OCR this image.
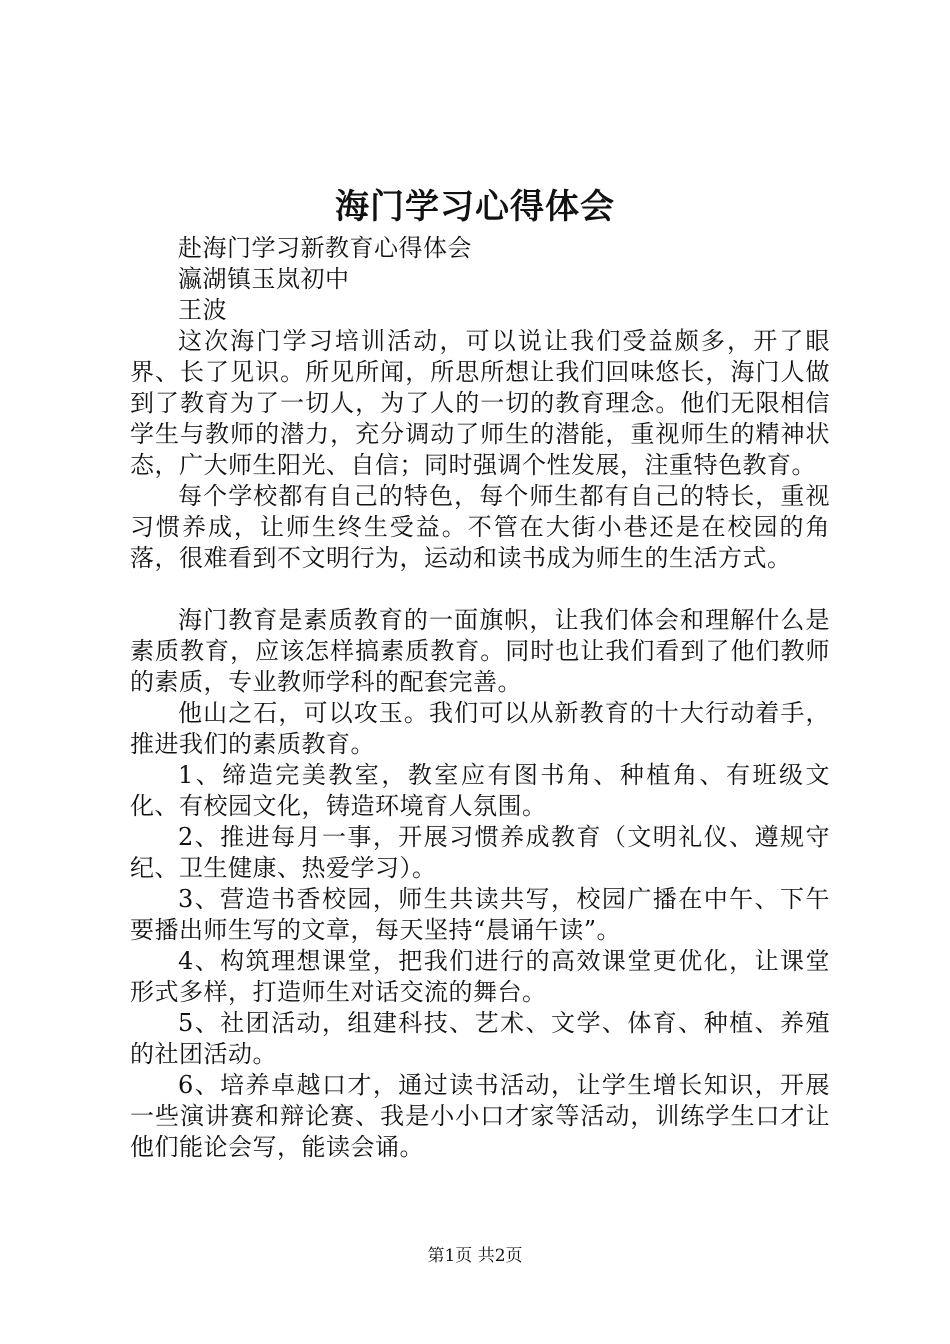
海门学习心得体会

赴海门学习新教育心得体会

瀛湖镇玉岚初中

王波

这次海门学习培训活动，可以说让我们受益颇多，开了眼界、长了见识。所见所闻，所思所想让我们回味悠长，海门人做到了教育为了一切人，为了人的一切的教育理念。他们无限相信学生与教师的潜力，充分调动了师生的潜能，重视师生的精神状态，广大师生阳光、自信；同时强调个性发展，注重特色教育。

每个学校都有自己的特色，每个师生都有自己的特长，重视习惯养成，让师生终生受益。不管在大街小巷还是在校园的角落，很难看到不文明行为，运动和读书成为师生的生活方式。

海门教育是素质教育的一面旗帜，让我们体会和理解什么是素质教育，应该怎样搞素质教育。同时也让我们看到了他们教师的素质，专业教师学科的配套完善。

他山之石，可以攻玉。我们可以从新教育的十大行动着手，推进我们的素质教育。

1、缔造完美教室，教室应有图书角、种植角、有班级文化、有校园文化，铸造环境育人氛围。

2、推进每月一事，开展习惯养成教育（文明礼仪、遵规守纪、卫生健康、热爱学习）。

3、营造书香校园，师生共读共写，校园广播在中午、下午要播出师生写的文章，每天坚持“晨诵午读”。

4、构筑理想课堂，把我们进行的高效课堂更优化，让课堂形式多样，打造师生对话交流的舞台。

5、社团活动，组建科技、艺术、文学、体育、种植、养殖的社团活动。

6、培养卓越口才，通过读书活动，让学生增长知识，开展一些演讲赛和辩论赛、我是小小口才家等活动，训练学生口才让他们能论会写，能读会诵。

第1页 共2页
